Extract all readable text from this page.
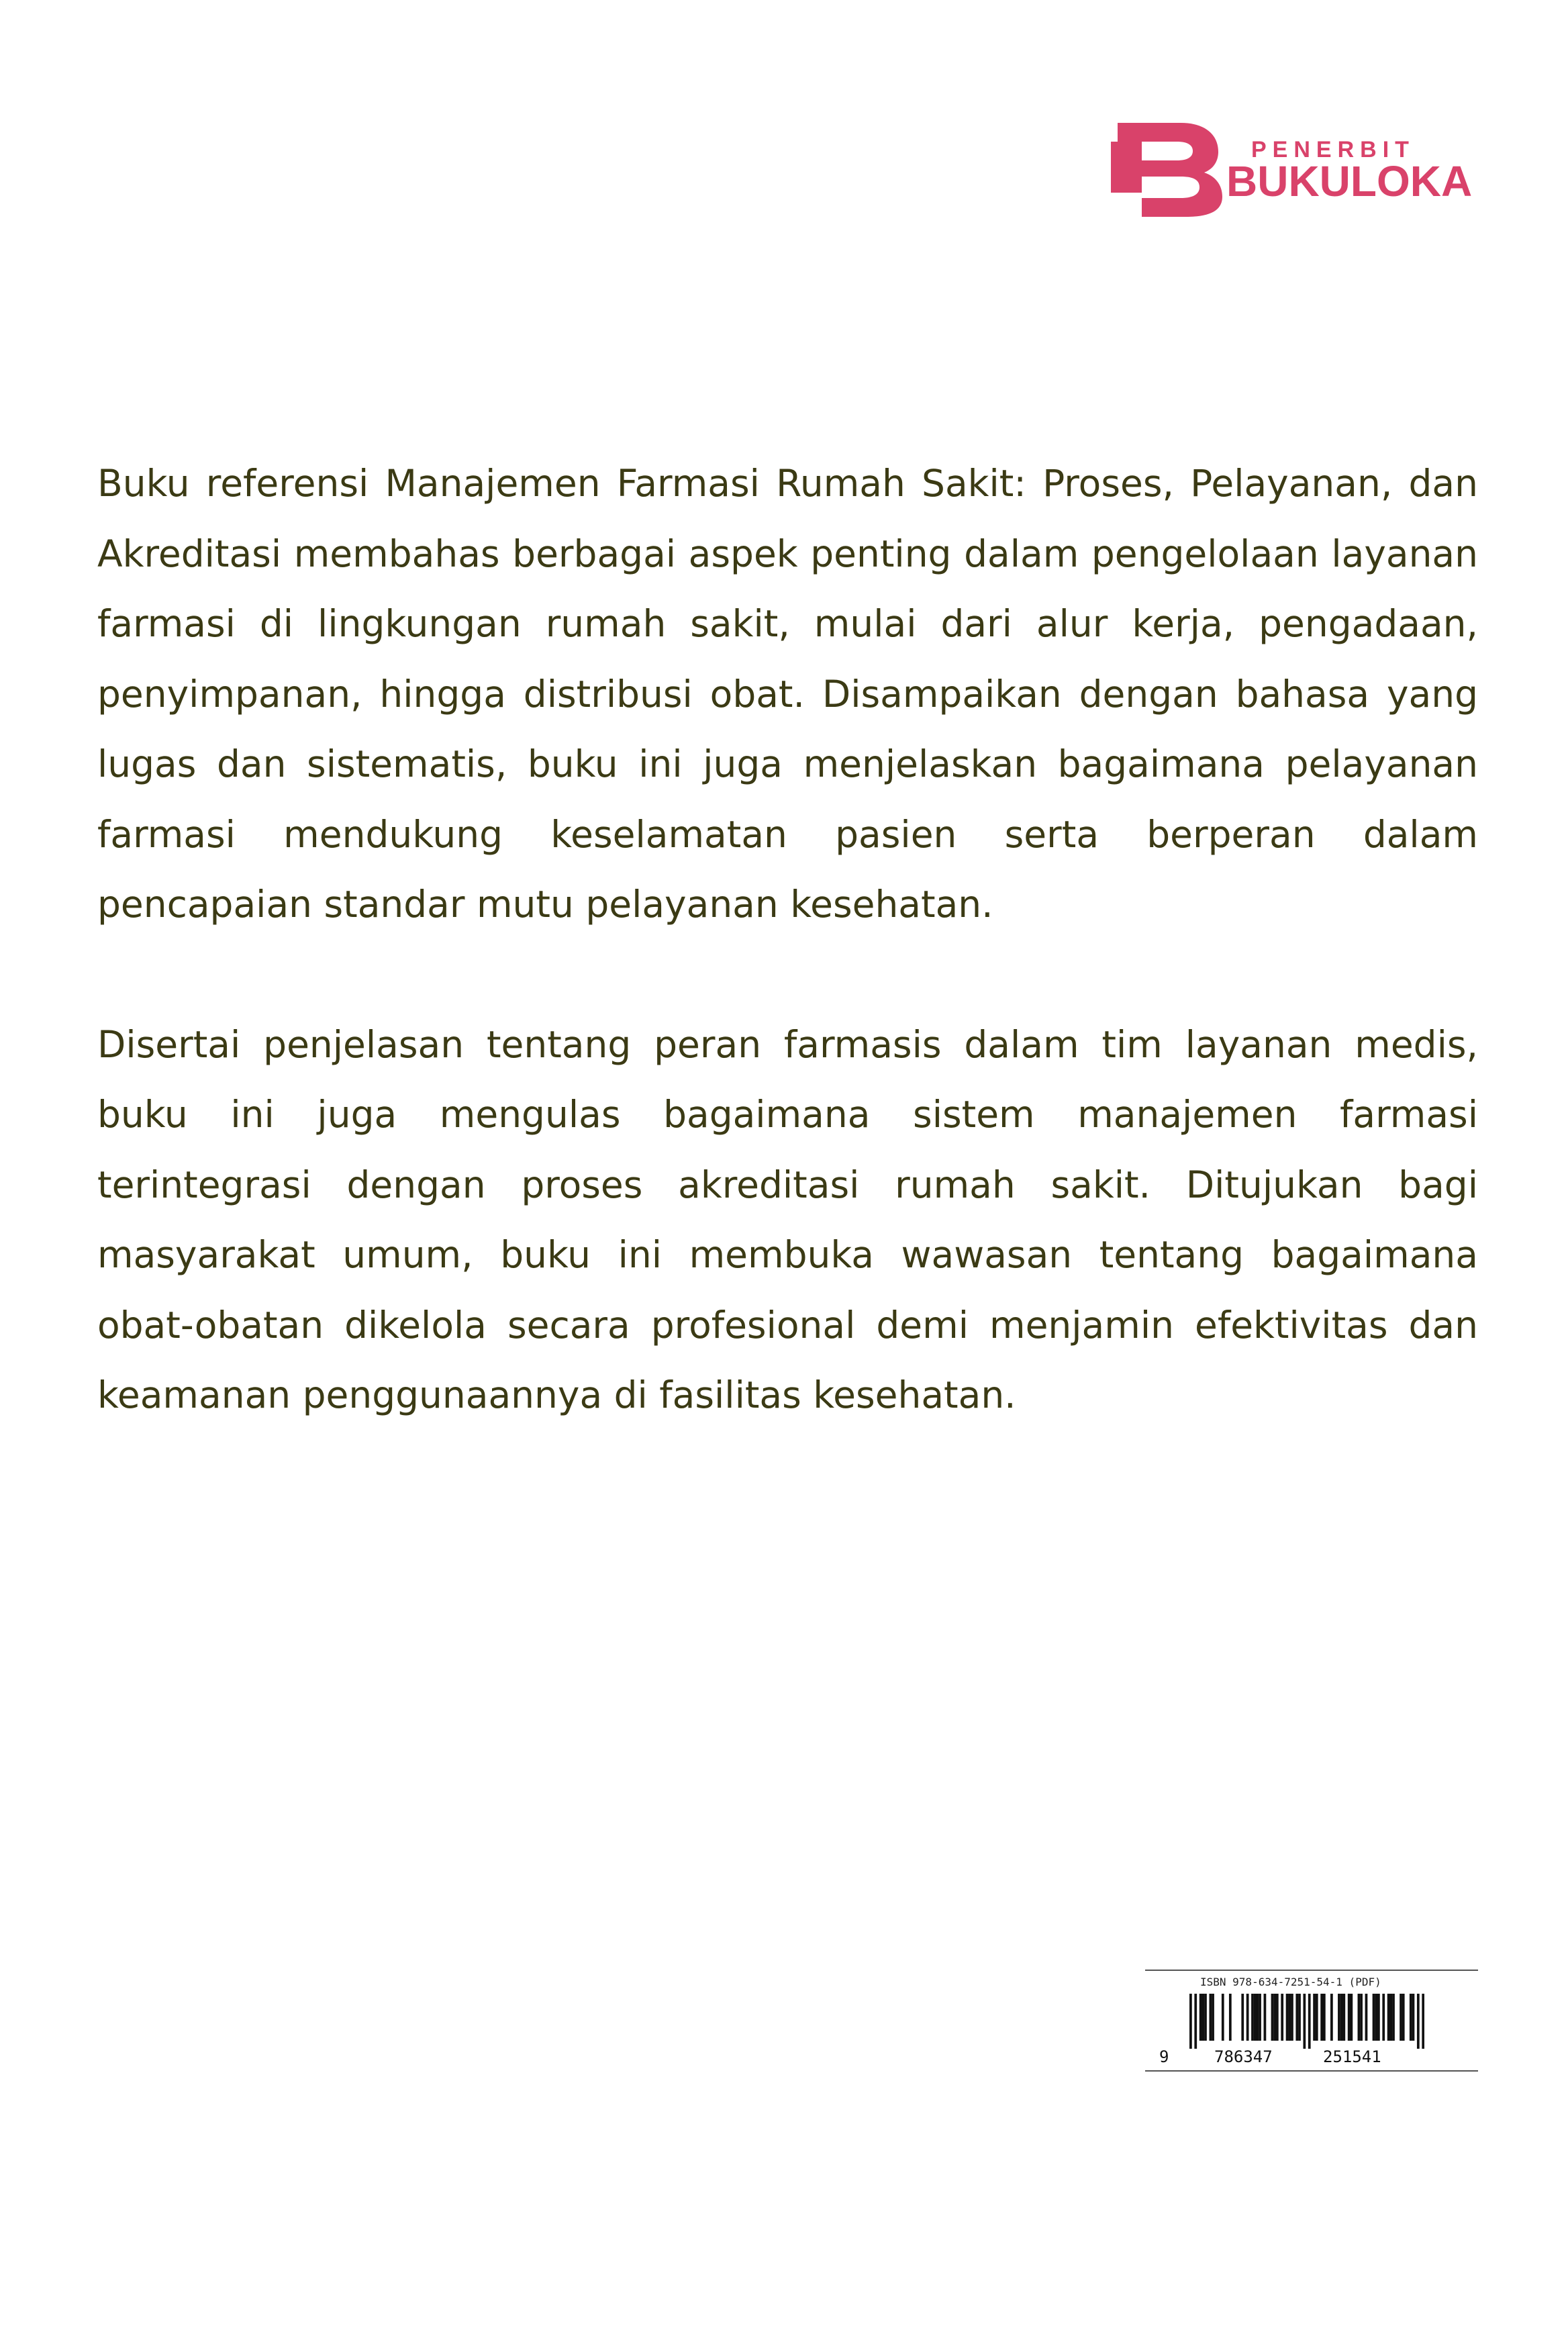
PENERBIT
BUKULOKA

Buku referensi Manajemen Farmasi Rumah Sakit: Proses, Pelayanan, dan Akreditasi membahas berbagai aspek penting dalam pengelolaan layanan farmasi di lingkungan rumah sakit, mulai dari alur kerja, pengadaan, penyimpanan, hingga distribusi obat. Disampaikan dengan bahasa yang lugas dan sistematis, buku ini juga menjelaskan bagaimana pelayanan farmasi mendukung keselamatan pasien serta berperan dalam pencapaian standar mutu pelayanan kesehatan.

Disertai penjelasan tentang peran farmasis dalam tim layanan medis, buku ini juga mengulas bagaimana sistem manajemen farmasi terintegrasi dengan proses akreditasi rumah sakit. Ditujukan bagi masyarakat umum, buku ini membuka wawasan tentang bagaimana obat-obatan dikelola secara profesional demi menjamin efektivitas dan keamanan penggunaannya di fasilitas kesehatan.

ISBN 978-634-7251-54-1 (PDF)
9	786347	251541
